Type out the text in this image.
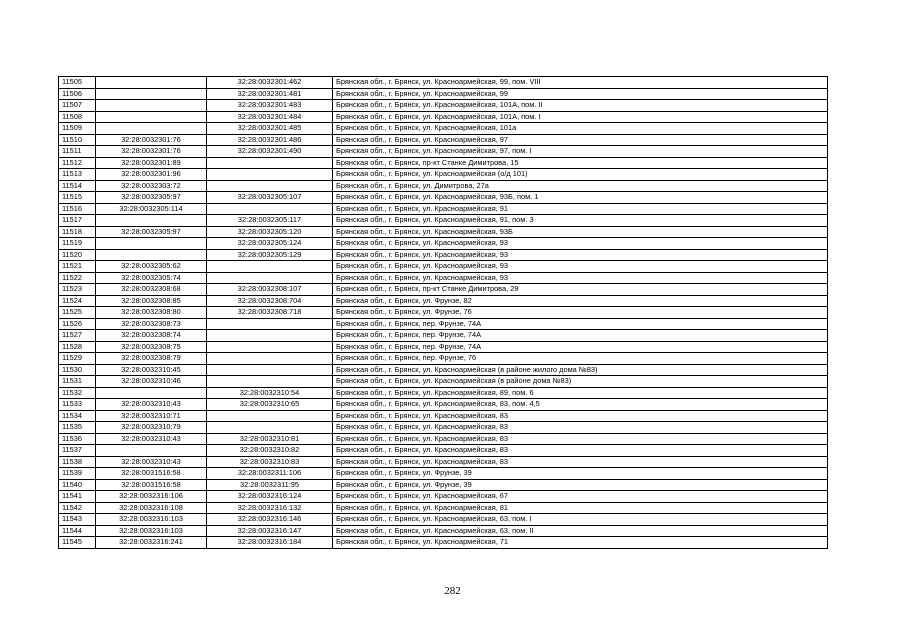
11505		32:28:0032301:462	Брянская обл., г. Брянск, ул. Красноармейская, 99, пом. VIII
11506		32:28:0032301:481	Брянская обл., г. Брянск, ул. Красноармейская, 99
11507		32:28:0032301:483	Брянская обл., г. Брянск, ул. Красноармейская, 101А, пом. II
11508		32:28:0032301:484	Брянская обл., г. Брянск, ул. Красноармейская, 101А, пом. I
11509		32:28:0032301:485	Брянская обл., г. Брянск, ул. Красноармейская, 101а
11510	32:28:0032301:76	32:28:0032301:486	Брянская обл., г. Брянск, ул. Красноармейская, 97
11511	32:28:0032301:76	32:28:0032301:490	Брянская обл., г. Брянск, ул. Красноармейская, 97, пом. I
11512	32:28:0032301:89		Брянская обл., г. Брянск, пр-кт Станке Димитрова, 15
11513	32:28:0032301:96		Брянская обл., г. Брянск, ул. Красноармейская (о/д 101)
11514	32:28:0032303:72		Брянская обл., г. Брянск, ул. Димитрова, 27а
11515	32:28:0032305:97	32:28:0032305:107	Брянская обл., г. Брянск, ул. Красноармейская, 93Б, пом. 1
11516	32:28:0032305:114		Брянская обл., г. Брянск, ул. Красноармейская, 91
11517		32:28:0032305:117	Брянская обл., г. Брянск, ул. Красноармейская, 91, пом. 3
11518	32:28:0032305:97	32:28:0032305:120	Брянская обл., г. Брянск, ул. Красноармейская, 93Б
11519		32:28:0032305:124	Брянская обл., г. Брянск, ул. Красноармейская, 93
11520		32:28:0032305:129	Брянская обл., г. Брянск, ул. Красноармейская, 93
11521	32:28:0032305:62		Брянская обл., г. Брянск, ул. Красноармейская, 93
11522	32:28:0032305:74		Брянская обл., г. Брянск, ул. Красноармейская, 93
11523	32:28:0032308:68	32:28:0032308:107	Брянская обл., г. Брянск, пр-кт Станке Димитрова, 29
11524	32:28:0032308:85	32:28:0032308:704	Брянская обл., г. Брянск, ул. Фрунзе, 82
11525	32:28:0032308:80	32:28:0032308:718	Брянская обл., г. Брянск, ул. Фрунзе, 76
11526	32:28:0032308:73		Брянская обл., г. Брянск, пер. Фрунзе, 74А
11527	32:28:0032308:74		Брянская обл., г. Брянск, пер. Фрунзе, 74А
11528	32:28:0032308:75		Брянская обл., г. Брянск, пер. Фрунзе, 74А
11529	32:28:0032308:79		Брянская обл., г. Брянск, пер. Фрунзе, 76
11530	32:28:0032310:45		Брянская обл., г. Брянск, ул. Красноармейская (в районе жилого дома №83)
11531	32:28:0032310:46		Брянская обл., г. Брянск, ул. Красноармейская (в районе дома №83)
11532		32:28:0032310:54	Брянская обл., г. Брянск, ул. Красноармейская, 89, пом. 6
11533	32:28:0032310:43	32:28:0032310:65	Брянская обл., г. Брянск, ул. Красноармейская, 83, пом. 4,5
11534	32:28:0032310:71		Брянская обл., г. Брянск, ул. Красноармейская, 83
11535	32:28:0032310:79		Брянская обл., г. Брянск, ул. Красноармейская, 83
11536	32:28:0032310:43	32:28:0032310:81	Брянская обл., г. Брянск, ул. Красноармейская, 83
11537		32:28:0032310:82	Брянская обл., г. Брянск, ул. Красноармейская, 83
11538	32:28:0032310:43	32:28:0032310:83	Брянская обл., г. Брянск, ул. Красноармейская, 83
11539	32:28:0031516:58	32:28:0032311:106	Брянская обл., г. Брянск, ул. Фрунзе, 39
11540	32:28:0031516:58	32:28:0032311:95	Брянская обл., г. Брянск, ул. Фрунзе, 39
11541	32:28:0032316:106	32:28:0032316:124	Брянская обл., г. Брянск, ул. Красноармейская, 67
11542	32:28:0032316:108	32:28:0032316:132	Брянская обл., г. Брянск, ул. Красноармейская, 81
11543	32:28:0032316:103	32:28:0032316:146	Брянская обл., г. Брянск, ул. Красноармейская, 63, пом. I
11544	32:28:0032316:103	32:28:0032316:147	Брянская обл., г. Брянск, ул. Красноармейская, 63, пом. II
11545	32:28:0032316:241	32:28:0032316:184	Брянская обл., г. Брянск, ул. Красноармейская, 71
282
